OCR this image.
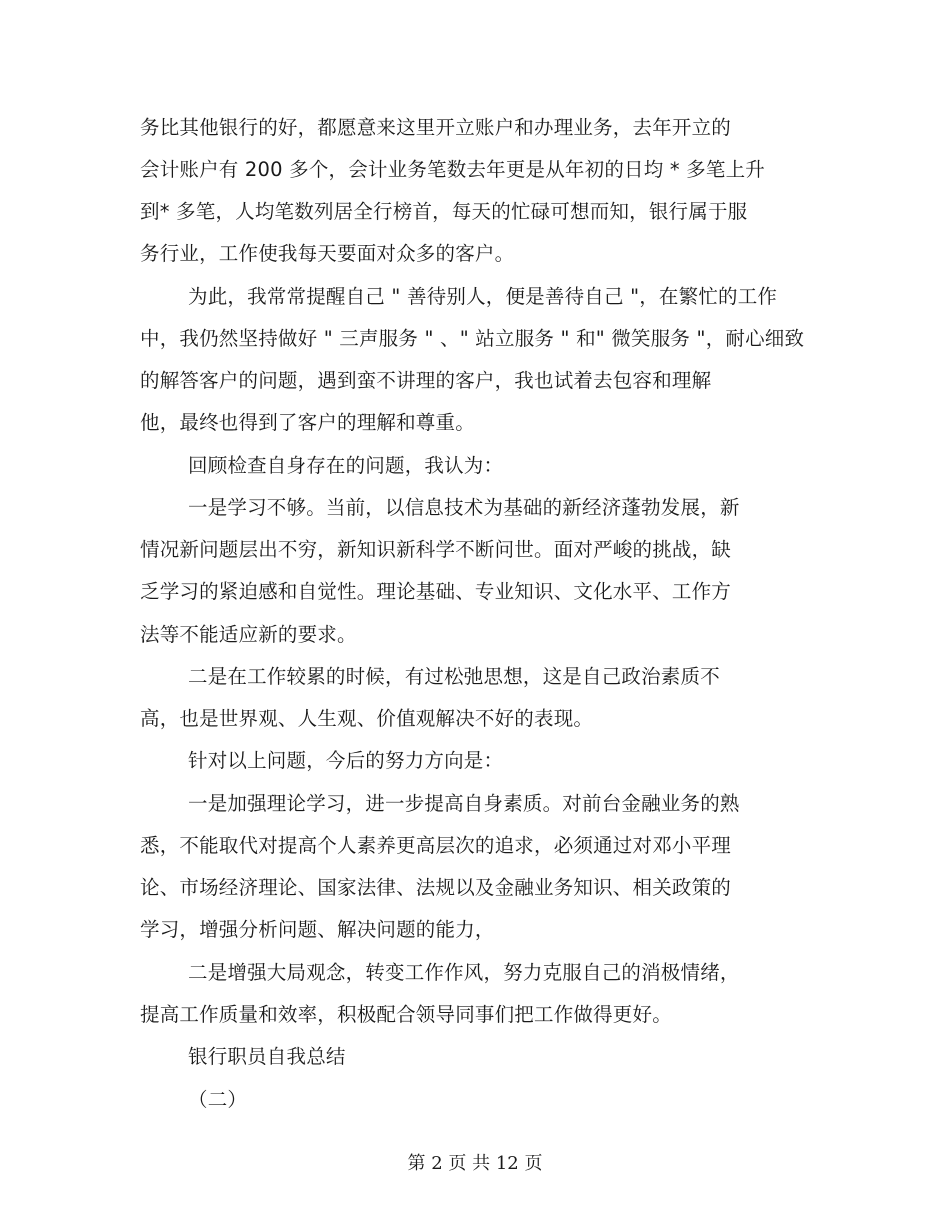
务比其他银行的好，都愿意来这里开立账户和办理业务，去年开立的
会计账户有 200 多个，会计业务笔数去年更是从年初的日均 * 多笔上升
到* 多笔，人均笔数列居全行榜首，每天的忙碌可想而知，银行属于服
务行业，工作使我每天要面对众多的客户。
为此，我常常提醒自己 " 善待别人，便是善待自己 "，在繁忙的工作
中，我仍然坚持做好 " 三声服务 " 、" 站立服务 " 和" 微笑服务 "，耐心细致
的解答客户的问题，遇到蛮不讲理的客户，我也试着去包容和理解
他，最终也得到了客户的理解和尊重。
回顾检查自身存在的问题，我认为：
一是学习不够。当前，以信息技术为基础的新经济蓬勃发展，新
情况新问题层出不穷，新知识新科学不断问世。面对严峻的挑战，缺
乏学习的紧迫感和自觉性。理论基础、专业知识、文化水平、工作方
法等不能适应新的要求。
二是在工作较累的时候，有过松弛思想，这是自己政治素质不
高，也是世界观、人生观、价值观解决不好的表现。
针对以上问题，今后的努力方向是：
一是加强理论学习，进一步提高自身素质。对前台金融业务的熟
悉，不能取代对提高个人素养更高层次的追求，必须通过对邓小平理
论、市场经济理论、国家法律、法规以及金融业务知识、相关政策的
学习，增强分析问题、解决问题的能力，
二是增强大局观念，转变工作作风，努力克服自己的消极情绪，
提高工作质量和效率，积极配合领导同事们把工作做得更好。
银行职员自我总结
（二）
第 2 页 共 12 页
